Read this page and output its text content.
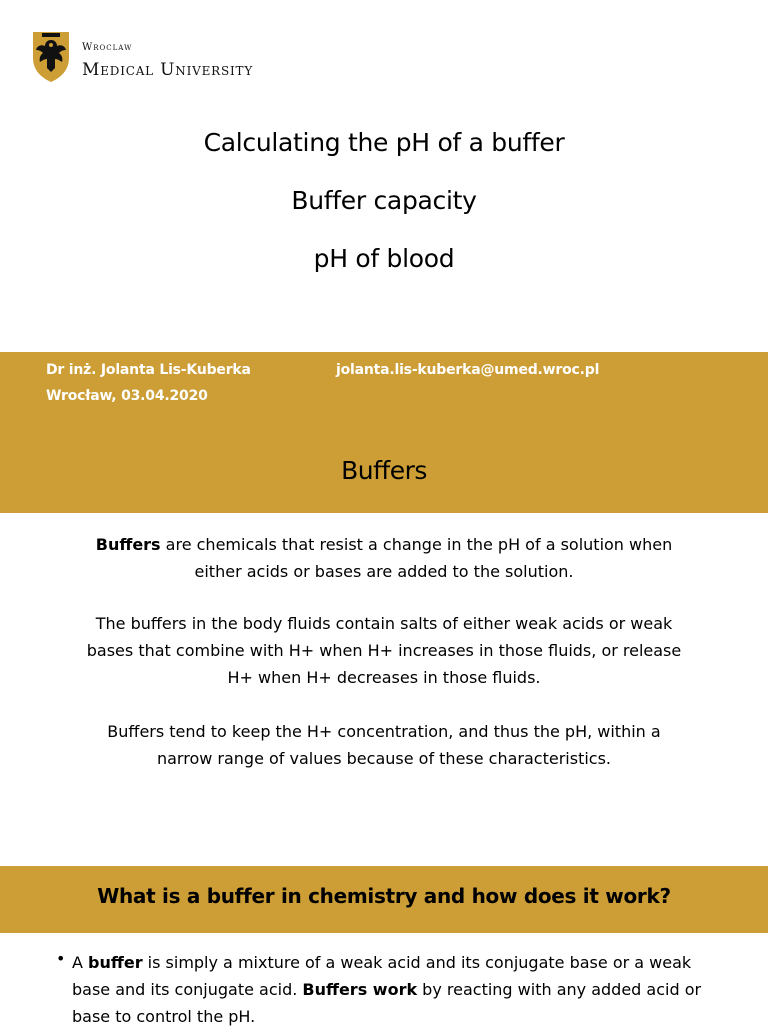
Wroclaw
Medical University
Calculating the pH of a buffer
Buffer capacity
pH of blood
Dr inż. Jolanta Lis-Kuberka
Wrocław, 03.04.2020
jolanta.lis-kuberka@umed.wroc.pl
Buffers
Buffers are chemicals that resist a change in the pH of a solution when either acids or bases are added to the solution.
The buffers in the body fluids contain salts of either weak acids or weak bases that combine with H+ when H+ increases in those fluids, or release H+ when H+ decreases in those fluids.
Buffers tend to keep the H+ concentration, and thus the pH, within a narrow range of values because of these characteristics.
What is a buffer in chemistry and how does it work?
• A buffer is simply a mixture of a weak acid and its conjugate base or a weak base and its conjugate acid. Buffers work by reacting with any added acid or base to control the pH.
